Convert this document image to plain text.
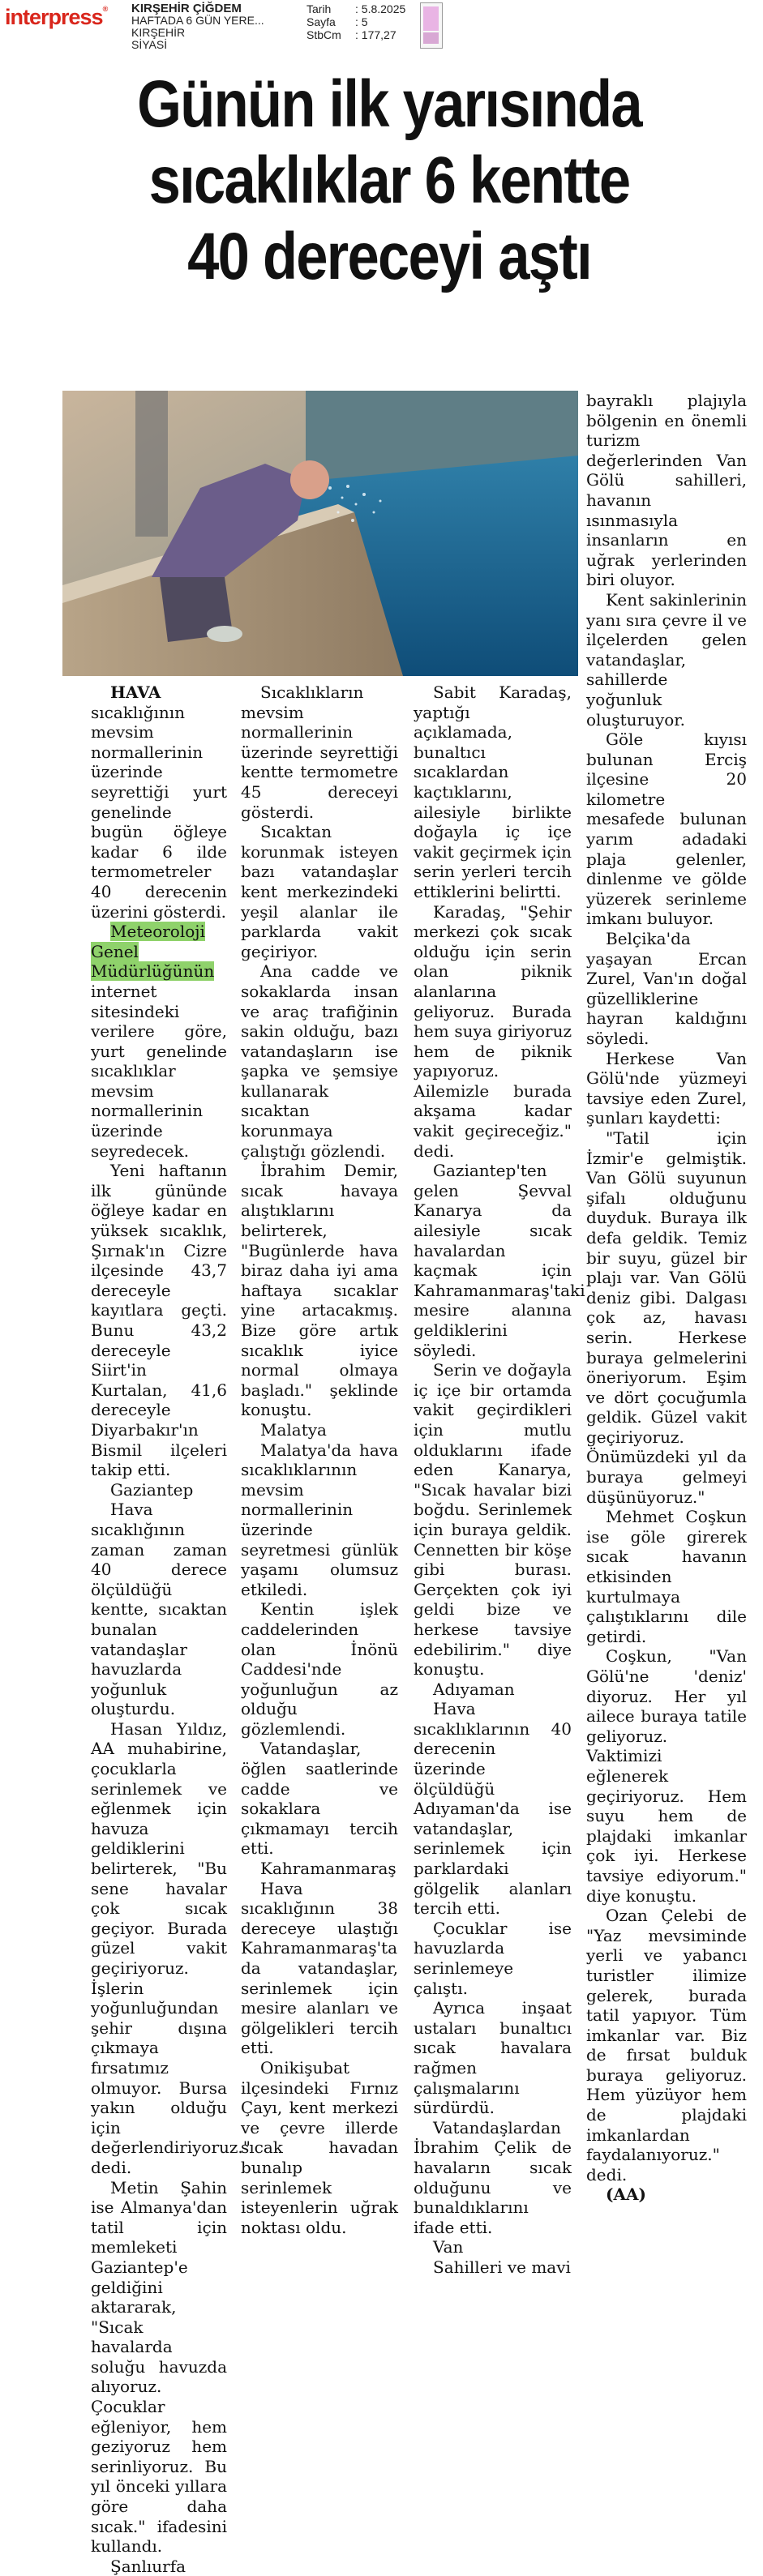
interpress® KIRŞEHİR ÇİĞDEM
HAFTADA 6 GÜN YERE...
KIRŞEHİR
SİYASİ
Tarih	: 5.8.2025
Sayfa	: 5
StbCm	: 177,27
Günün ilk yarısında
sıcaklıklar 6 kentte
40 dereceyi aştı

HAVA sıcaklığının mevsim normallerinin üzerinde seyrettiği yurt genelinde bugün öğleye kadar 6 ilde termometreler 40 derecenin üzerini gösterdi.

Meteoroloji Genel Müdürlüğünün internet sitesindeki verilere göre, yurt genelinde sıcaklıklar mevsim normallerinin üzerinde seyredecek.

Yeni haftanın ilk gününde öğleye kadar en yüksek sıcaklık, Şırnak'ın Cizre ilçesinde 43,7 dereceyle kayıtlara geçti. Bunu 43,2 dereceyle Siirt'in Kurtalan, 41,6 dereceyle Diyarbakır'ın Bismil ilçeleri takip etti.

Gaziantep

Hava sıcaklığının zaman zaman 40 derece ölçüldüğü kentte, sıcaktan bunalan vatandaşlar havuzlarda yoğunluk oluşturdu.

Hasan Yıldız, AA muhabirine, çocuklarla serinlemek ve eğlenmek için havuza geldiklerini belirterek, "Bu sene havalar çok sıcak geçiyor. Burada güzel vakit geçiriyoruz. İşlerin yoğunluğundan şehir dışına çıkmaya fırsatımız olmuyor. Bursa yakın olduğu için değerlendiriyoruz." dedi.

Metin Şahin ise Almanya'dan tatil için memleketi Gaziantep'e geldiğini aktararak, "Sıcak havalarda soluğu havuzda alıyoruz. Çocuklar eğleniyor, hem geziyoruz hem serinliyoruz. Bu yıl önceki yıllara göre daha sıcak." ifadesini kullandı.

Şanlıurfa

Sıcaklıkların mevsim normallerinin üzerinde seyrettiği kentte termometre 45 dereceyi gösterdi.

Sıcaktan korunmak isteyen bazı vatandaşlar kent merkezindeki yeşil alanlar ile parklarda vakit geçiriyor.

Ana cadde ve sokaklarda insan ve araç trafiğinin sakin olduğu, bazı vatandaşların ise şapka ve şemsiye kullanarak sıcaktan korunmaya çalıştığı gözlendi.

İbrahim Demir, sıcak havaya alıştıklarını belirterek, "Bugünlerde hava biraz daha iyi ama haftaya sıcaklar yine artacakmış. Bize göre artık sıcaklık iyice normal olmaya başladı." şeklinde konuştu.

Malatya

Malatya'da hava sıcaklıklarının mevsim normallerinin üzerinde seyretmesi günlük yaşamı olumsuz etkiledi.

Kentin işlek caddelerinden olan İnönü Caddesi'nde yoğunluğun az olduğu gözlemlendi.

Vatandaşlar, öğlen saatlerinde cadde ve sokaklara çıkmamayı tercih etti.

Kahramanmaraş

Hava sıcaklığının 38 dereceye ulaştığı Kahramanmaraş'ta da vatandaşlar, serinlemek için mesire alanları ve gölgelikleri tercih etti.

Onikişubat ilçesindeki Fırnız Çayı, kent merkezi ve çevre illerde sıcak havadan bunalıp serinlemek isteyenlerin uğrak noktası oldu.

Sabit Karadaş, yaptığı açıklamada, bunaltıcı sıcaklardan kaçtıklarını, ailesiyle birlikte doğayla iç içe vakit geçirmek için serin yerleri tercih ettiklerini belirtti.

Karadaş, "Şehir merkezi çok sıcak olduğu için serin olan piknik alanlarına geliyoruz. Burada hem suya giriyoruz hem de piknik yapıyoruz. Ailemizle burada akşama kadar vakit geçireceğiz." dedi.

Gaziantep'ten gelen Şevval Kanarya da ailesiyle sıcak havalardan kaçmak için Kahramanmaraş'taki mesire alanına geldiklerini söyledi.

Serin ve doğayla iç içe bir ortamda vakit geçirdikleri için mutlu olduklarını ifade eden Kanarya, "Sıcak havalar bizi boğdu. Serinlemek için buraya geldik. Cennetten bir köşe gibi burası. Gerçekten çok iyi geldi bize ve herkese tavsiye edebilirim." diye konuştu.

Adıyaman

Hava sıcaklıklarının 40 derecenin üzerinde ölçüldüğü Adıyaman'da ise vatandaşlar, serinlemek için parklardaki gölgelik alanları tercih etti.

Çocuklar ise havuzlarda serinlemeye çalıştı.

Ayrıca inşaat ustaları bunaltıcı sıcak havalara rağmen çalışmalarını sürdürdü.

Vatandaşlardan İbrahim Çelik de havaların sıcak olduğunu ve bunaldıklarını ifade etti.

Van

Sahilleri ve mavi

bayraklı plajıyla bölgenin en önemli turizm değerlerinden Van Gölü sahilleri, havanın ısınmasıyla insanların en uğrak yerlerinden biri oluyor.

Kent sakinlerinin yanı sıra çevre il ve ilçelerden gelen vatandaşlar, sahillerde yoğunluk oluşturuyor.

Göle kıyısı bulunan Erciş ilçesine 20 kilometre mesafede bulunan yarım adadaki plaja gelenler, dinlenme ve gölde yüzerek serinleme imkanı buluyor.

Belçika'da yaşayan Ercan Zurel, Van'ın doğal güzelliklerine hayran kaldığını söyledi.

Herkese Van Gölü'nde yüzmeyi tavsiye eden Zurel, şunları kaydetti:

"Tatil için İzmir'e gelmiştik. Van Gölü suyunun şifalı olduğunu duyduk. Buraya ilk defa geldik. Temiz bir suyu, güzel bir plajı var. Van Gölü deniz gibi. Dalgası çok az, havası serin. Herkese buraya gelmelerini öneriyorum. Eşim ve dört çocuğumla geldik. Güzel vakit geçiriyoruz. Önümüzdeki yıl da buraya gelmeyi düşünüyoruz."

Mehmet Coşkun ise göle girerek sıcak havanın etkisinden kurtulmaya çalıştıklarını dile getirdi.

Coşkun, "Van Gölü'ne 'deniz' diyoruz. Her yıl ailece buraya tatile geliyoruz. Vaktimizi eğlenerek geçiriyoruz. Hem suyu hem de plajdaki imkanlar çok iyi. Herkese tavsiye ediyorum." diye konuştu.

Ozan Çelebi de "Yaz mevsiminde yerli ve yabancı turistler ilimize gelerek, burada tatil yapıyor. Tüm imkanlar var. Biz de fırsat bulduk buraya geliyoruz. Hem yüzüyor hem de plajdaki imkanlardan faydalanıyoruz." dedi.

(AA)
